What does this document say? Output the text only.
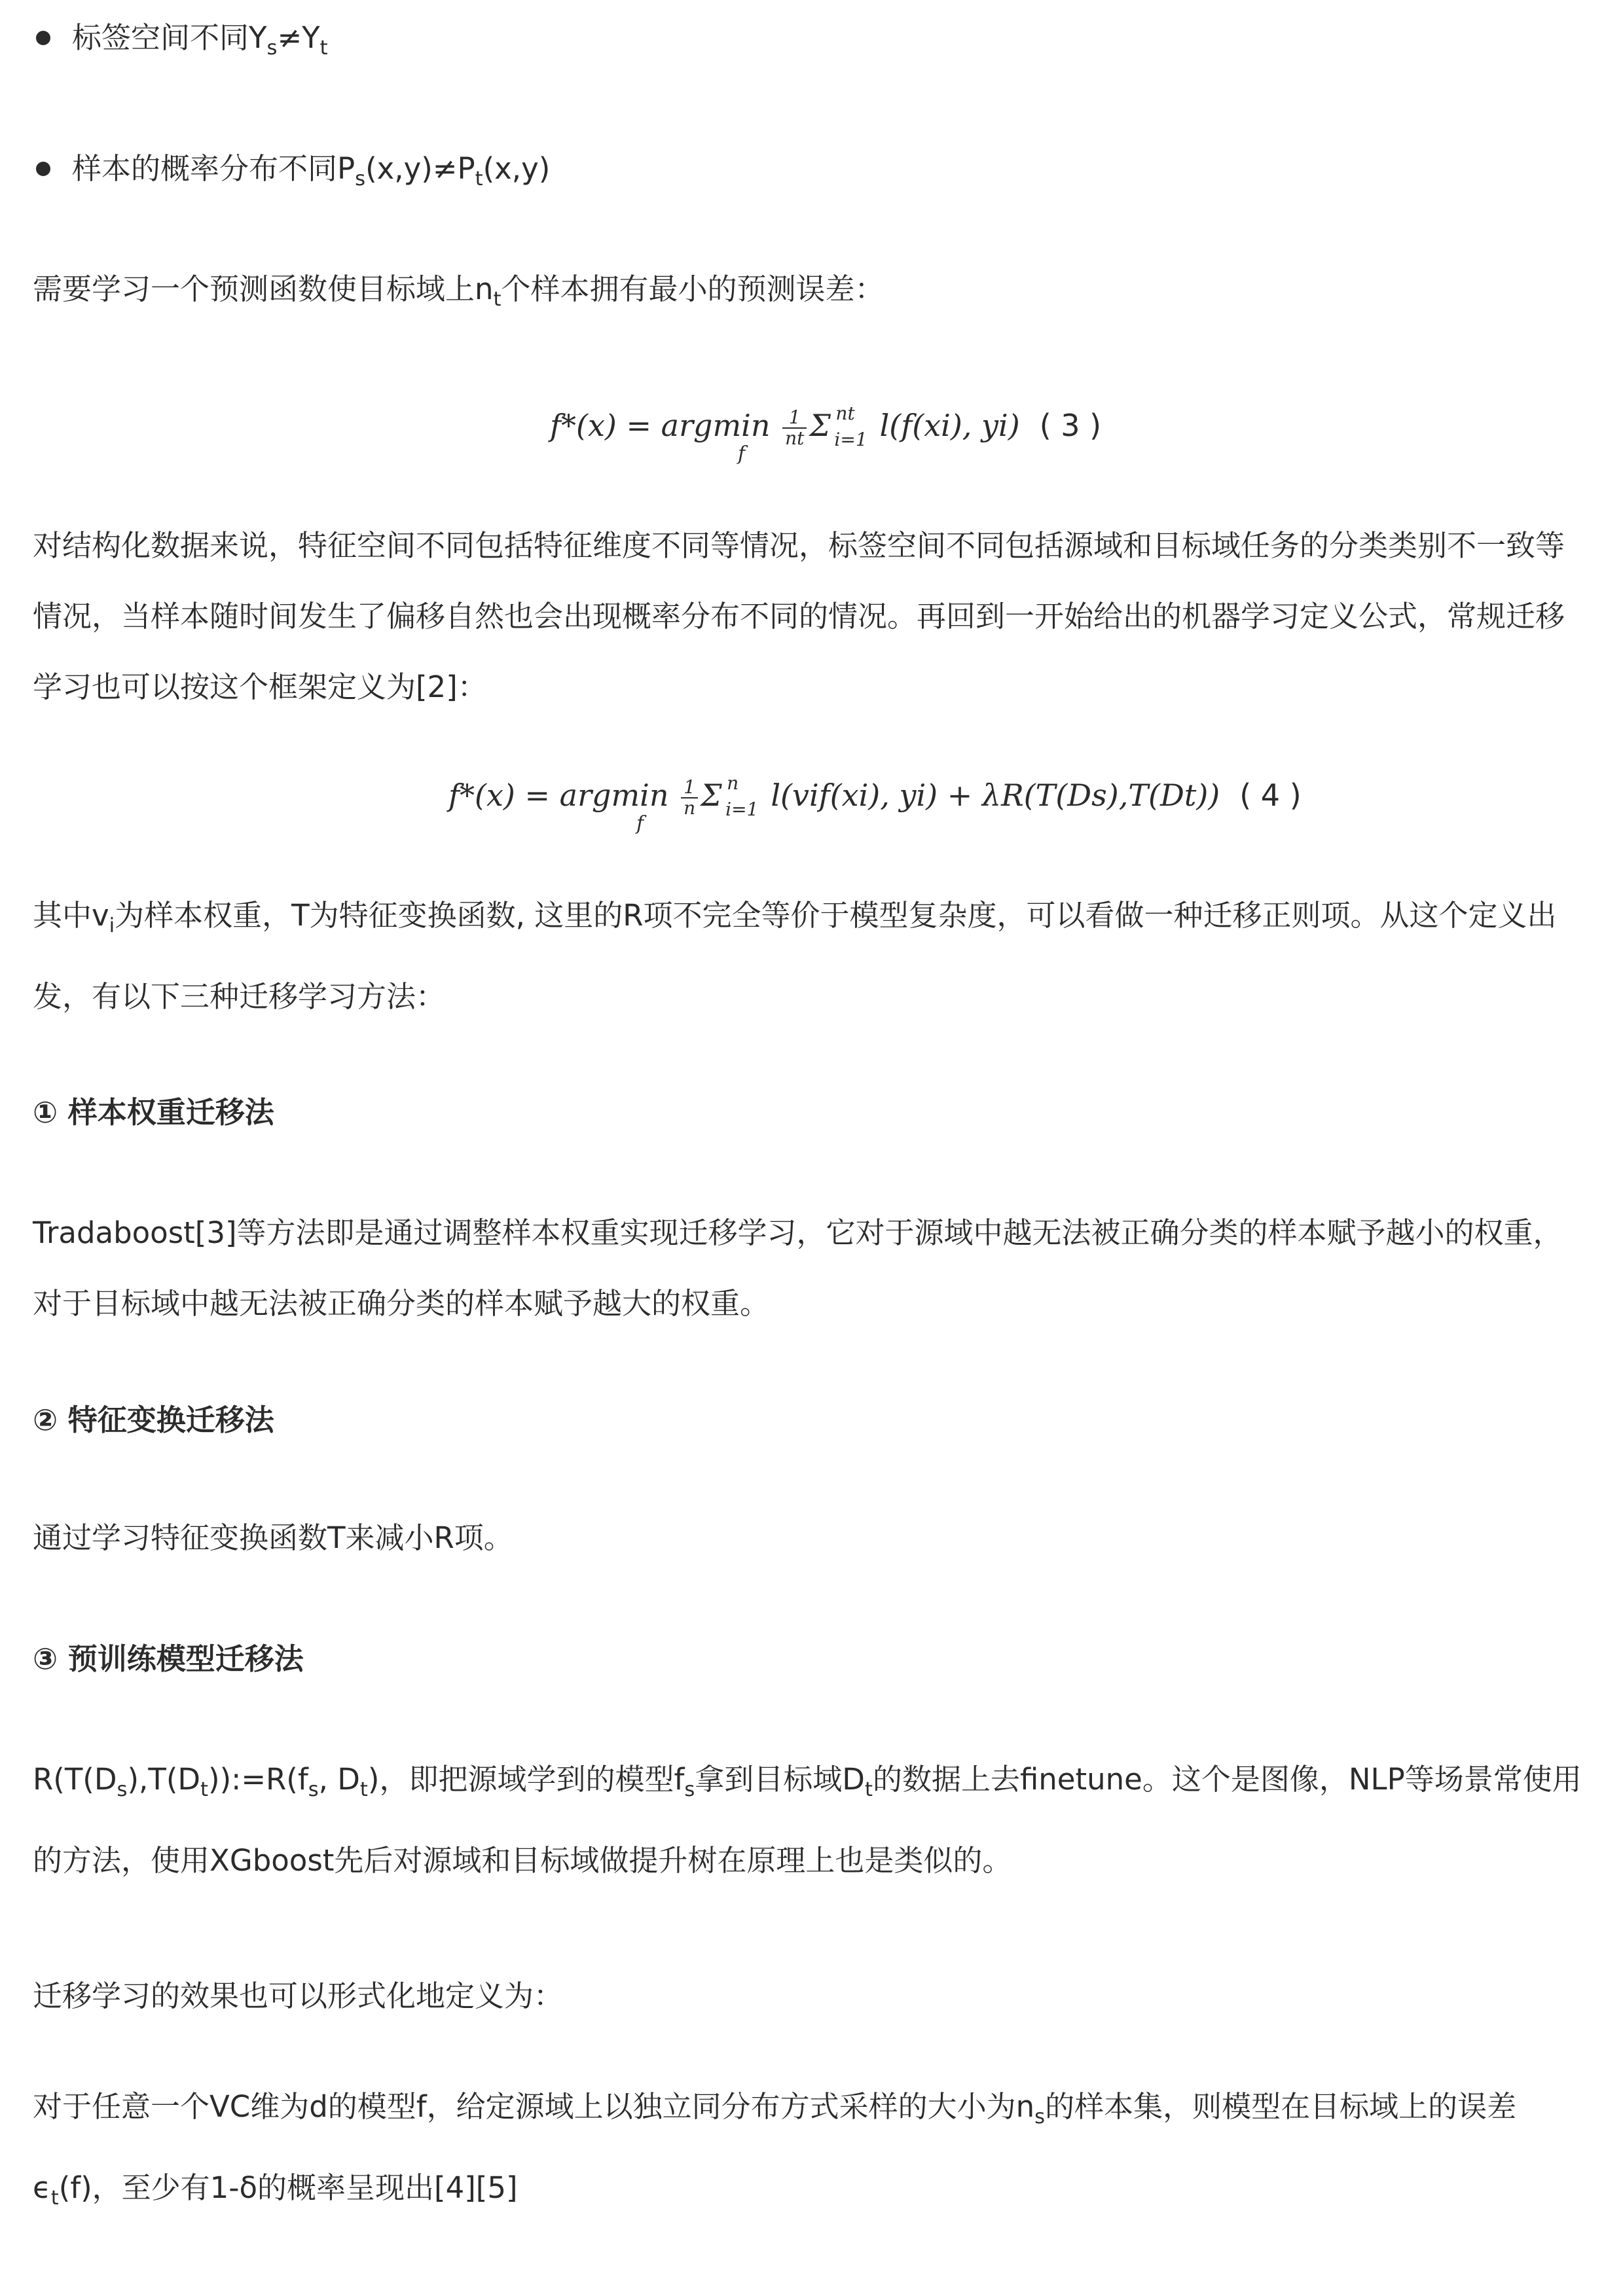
标签空间不同$Y_s\ne Y_t$
样本的概率分布不同$P_s(x,y)\ne P_t(x,y)$
需要学习一个预测函数使目标域上$n_t$个样本拥有最小的预测误差：
f*(x) = argmin
f

$\frac{1}{nt}$ Σ nt
i=1 l(f(xi), yi) ( 3 )
对结构化数据来说，特征空间不同包括特征维度不同等情况，标签空间不同包括源域和目标域任务的分类类别不一致等情况，当样本随时间发生了偏移自然也会出现概率分布不同的情况。再回到一开始给出的机器学习定义公式，常规迁移学习也可以按这个框架定义为[2]：
f*(x) = argmin
f

$\frac{1}{n}$ Σ n
i=1 l(vif(xi), yi) + λR(T(Ds),T(Dt)) ( 4 )
其中$v_i$为样本权重，T为特征变换函数, 这里的R项不完全等价于模型复杂度，可以看做一种迁移正则项。从这个定义出发，有以下三种迁移学习方法：
① 样本权重迁移法
Tradaboost[3]等方法即是通过调整样本权重实现迁移学习，它对于源域中越无法被正确分类的样本赋予越小的权重，对于目标域中越无法被正确分类的样本赋予越大的权重。
② 特征变换迁移法
通过学习特征变换函数T来减小R项。
③ 预训练模型迁移法
$R(T(D_s),T(D_t)):=R(f_s$, $D_t$)，即把源域学到的模型$f_s$拿到目标域$D_t$的数据上去finetune。这个是图像，NLP等场景常使用的方法，使用XGboost先后对源域和目标域做提升树在原理上也是类似的。
迁移学习的效果也可以形式化地定义为：
对于任意一个VC维为d的模型f，给定源域上以独立同分布方式采样的大小为$n_s$的样本集，则模型在目标域上的误差$\epsilon_t(f)$，至少有1-δ的概率呈现出[4][5]
